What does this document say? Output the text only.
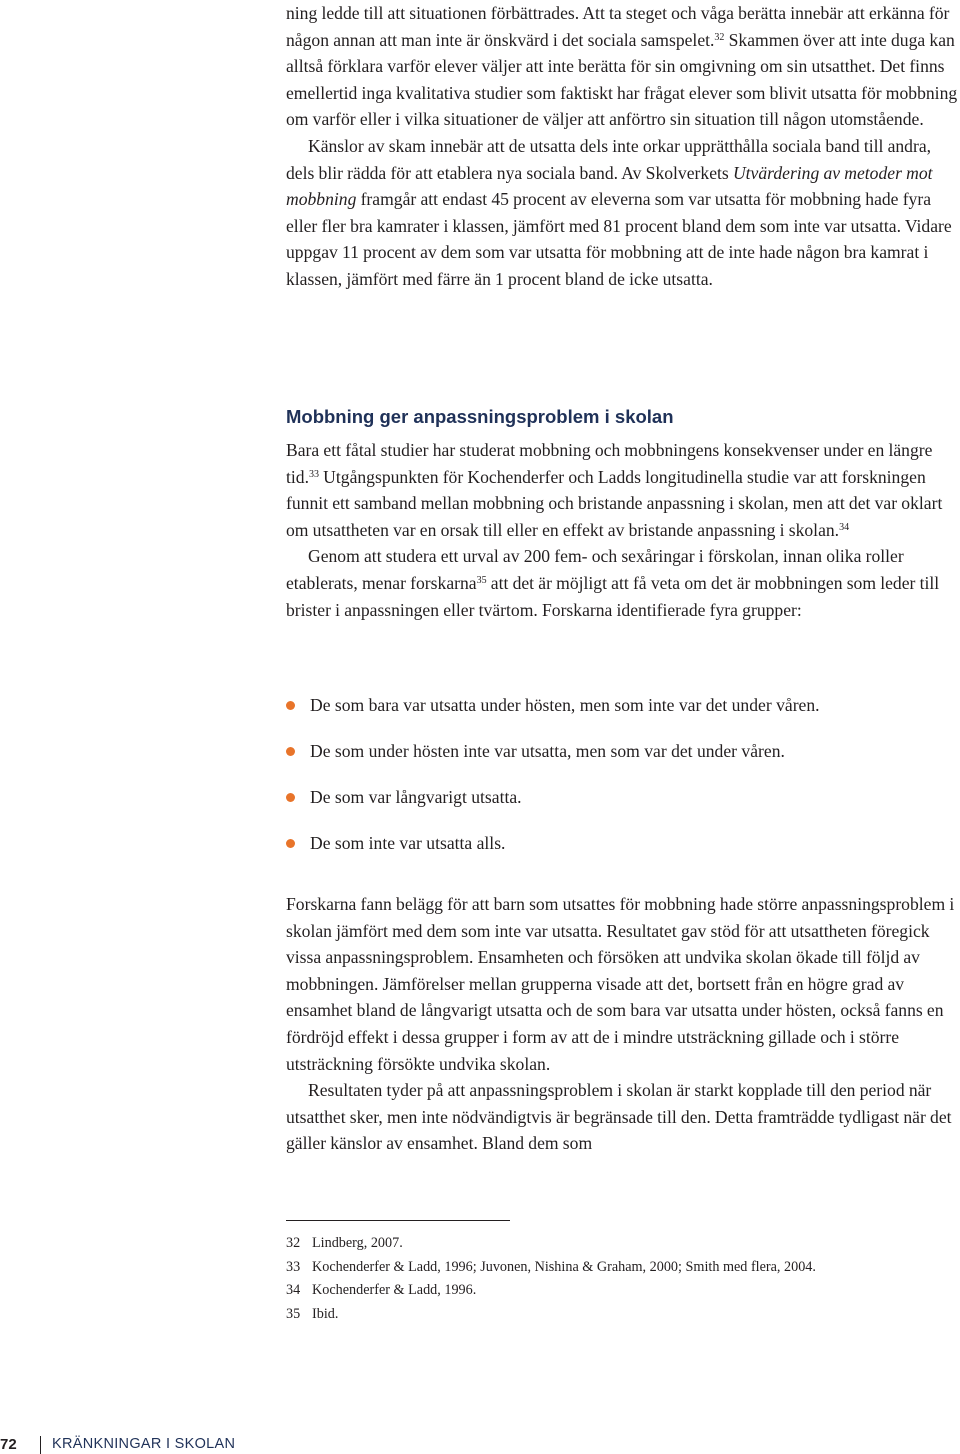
ning ledde till att situationen förbättrades. Att ta steget och våga berätta innebär att erkänna för någon annan att man inte är önskvärd i det sociala samspelet.$^{32}$ Skammen över att inte duga kan alltså förklara varför elever väljer att inte berätta för sin omgivning om sin utsatthet. Det finns emellertid inga kvalitativa studier som faktiskt har frågat elever som blivit utsatta för mobbning om varför eller i vilka situationer de väljer att anförtro sin situation till någon utomstående.

Känslor av skam innebär att de utsatta dels inte orkar upprätthålla sociala band till andra, dels blir rädda för att etablera nya sociala band. Av Skolverkets Utvärdering av metoder mot mobbning framgår att endast 45 procent av eleverna som var utsatta för mobbning hade fyra eller fler bra kamrater i klassen, jämfört med 81 procent bland dem som inte var utsatta. Vidare uppgav 11 procent av dem som var utsatta för mobbning att de inte hade någon bra kamrat i klassen, jämfört med färre än 1 procent bland de icke utsatta.

Mobbning ger anpassningsproblem i skolan

Bara ett fåtal studier har studerat mobbning och mobbningens konsekvenser under en längre tid.$^{33}$ Utgångspunkten för Kochenderfer och Ladds longitudinella studie var att forskningen funnit ett samband mellan mobbning och bristande anpassning i skolan, men att det var oklart om utsattheten var en orsak till eller en effekt av bristande anpassning i skolan.$^{34}$

Genom att studera ett urval av 200 fem- och sexåringar i förskolan, innan olika roller etablerats, menar forskarna$^{35}$ att det är möjligt att få veta om det är mobbningen som leder till brister i anpassningen eller tvärtom. Forskarna identifierade fyra grupper:

De som bara var utsatta under hösten, men som inte var det under våren.
De som under hösten inte var utsatta, men som var det under våren.
De som var långvarigt utsatta.
De som inte var utsatta alls.

Forskarna fann belägg för att barn som utsattes för mobbning hade större anpassningsproblem i skolan jämfört med dem som inte var utsatta. Resultatet gav stöd för att utsattheten föregick vissa anpassningsproblem. Ensamheten och försöken att undvika skolan ökade till följd av mobbningen. Jämförelser mellan grupperna visade att det, bortsett från en högre grad av ensamhet bland de långvarigt utsatta och de som bara var utsatta under hösten, också fanns en fördröjd effekt i dessa grupper i form av att de i mindre utsträckning gillade och i större utsträckning försökte undvika skolan.

Resultaten tyder på att anpassningsproblem i skolan är starkt kopplade till den period när utsatthet sker, men inte nödvändigtvis är begränsade till den. Detta framträdde tydligast när det gäller känslor av ensamhet. Bland dem som

32 Lindberg, 2007.
33 Kochenderfer & Ladd, 1996; Juvonen, Nishina & Graham, 2000; Smith med flera, 2004.
34 Kochenderfer & Ladd, 1996.
35 Ibid.
72 KRÄNKNINGAR I SKOLAN
